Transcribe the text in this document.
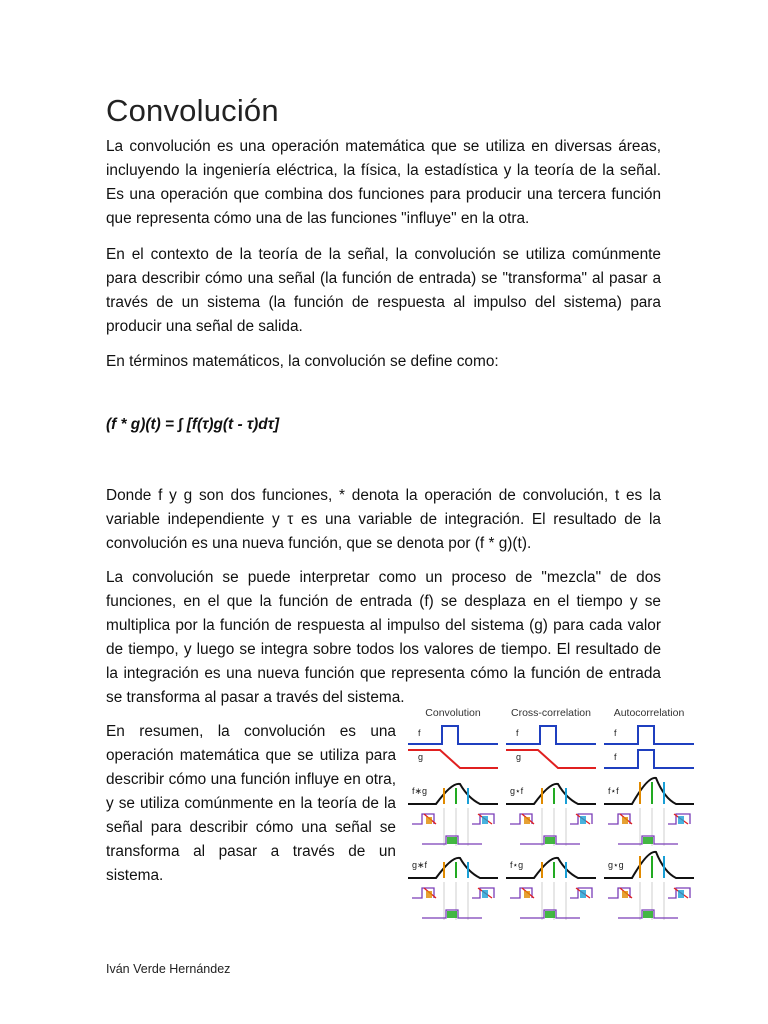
Convolución

La convolución es una operación matemática que se utiliza en diversas áreas, incluyendo la ingeniería eléctrica, la física, la estadística y la teoría de la señal. Es una operación que combina dos funciones para producir una tercera función que representa cómo una de las funciones "influye" en la otra.

En el contexto de la teoría de la señal, la convolución se utiliza comúnmente para describir cómo una señal (la función de entrada) se "transforma" al pasar a través de un sistema (la función de respuesta al impulso del sistema) para producir una señal de salida.

En términos matemáticos, la convolución se define como:

(f * g)(t) = ∫ [f(τ)g(t - τ)dτ]

Donde f y g son dos funciones, * denota la operación de convolución, t es la variable independiente y τ es una variable de integración. El resultado de la convolución es una nueva función, que se denota por (f * g)(t).

La convolución se puede interpretar como un proceso de "mezcla" de dos funciones, en el que la función de entrada (f) se desplaza en el tiempo y se multiplica por la función de respuesta al impulso del sistema (g) para cada valor de tiempo, y luego se integra sobre todos los valores de tiempo. El resultado de la integración es una nueva función que representa cómo la función de entrada se transforma al pasar a través del sistema.

En resumen, la convolución es una operación matemática que se utiliza para describir cómo una función influye en otra, y se utiliza comúnmente en la teoría de la señal para describir cómo una señal se transforma al pasar a través de un sistema.

Convolution	Cross-correlation Autocorrelation
f
g
f∗g
g∗f
f
g
g⋆f
f⋆g
f
f
f⋆f
g⋆g

Iván Verde Hernández
